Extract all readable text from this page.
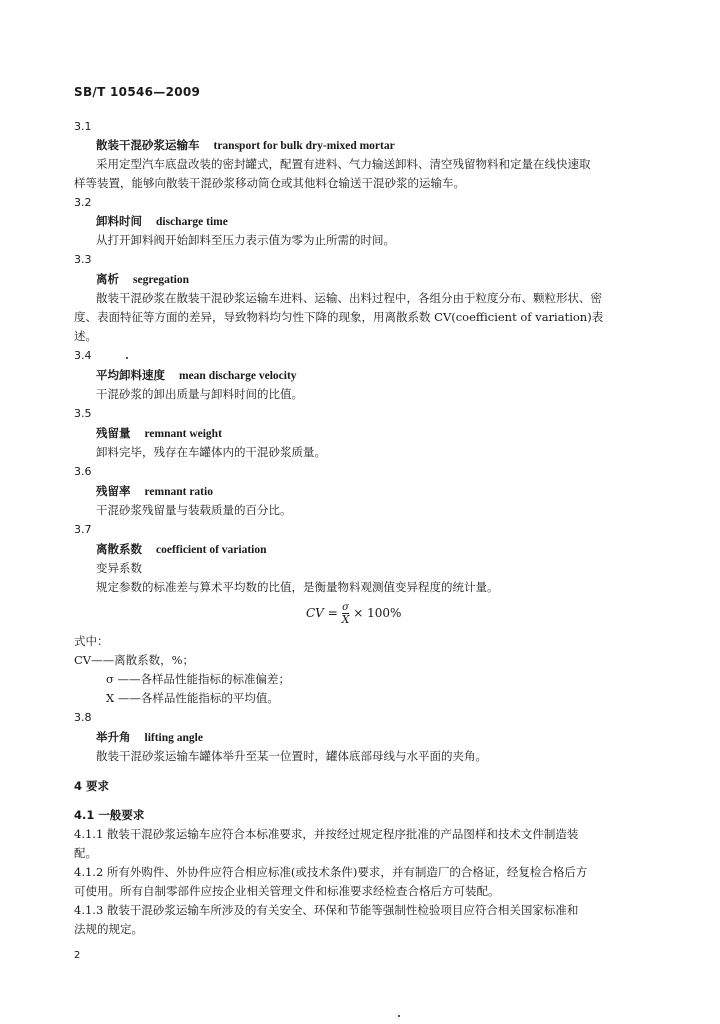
SB/T 10546—2009
3.1
散装干混砂浆运输车 transport for bulk dry-mixed mortar
采用定型汽车底盘改装的密封罐式，配置有进料、气力输送卸料、清空残留物料和定量在线快速取
样等装置，能够向散装干混砂浆移动筒仓或其他料仓输送干混砂浆的运输车。
3.2
卸料时间 discharge time
从打开卸料阀开始卸料至压力表示值为零为止所需的时间。
3.3
离析 segregation
散装干混砂浆在散装干混砂浆运输车进料、运输、出料过程中，各组分由于粒度分布、颗粒形状、密
度、表面特征等方面的差异，导致物料均匀性下降的现象，用离散系数 CV(coefficient of variation)表
述。
3.4
平均卸料速度 mean discharge velocity
干混砂浆的卸出质量与卸料时间的比值。
3.5
残留量 remnant weight
卸料完毕，残存在车罐体内的干混砂浆质量。
3.6
残留率 remnant ratio
干混砂浆残留量与装载质量的百分比。
3.7
离散系数 coefficient of variation
变异系数
规定参数的标准差与算术平均数的比值，是衡量物料观测值变异程度的统计量。
CV = $\frac{\sigma}{X} \times 100\%$
式中：
CV——离散系数，%；
σ ——各样品性能指标的标准偏差；
X ——各样品性能指标的平均值。
3.8
举升角 lifting angle
散装干混砂浆运输车罐体举升至某一位置时，罐体底部母线与水平面的夹角。
4 要求
4.1 一般要求
4.1.1 散装干混砂浆运输车应符合本标准要求，并按经过规定程序批准的产品图样和技术文件制造装
配。
4.1.2 所有外购件、外协件应符合相应标准(或技术条件)要求，并有制造厂的合格证，经复检合格后方
可使用。所有自制零部件应按企业相关管理文件和标准要求经检查合格后方可装配。
4.1.3 散装干混砂浆运输车所涉及的有关安全、环保和节能等强制性检验项目应符合相关国家标准和
法规的规定。
2
